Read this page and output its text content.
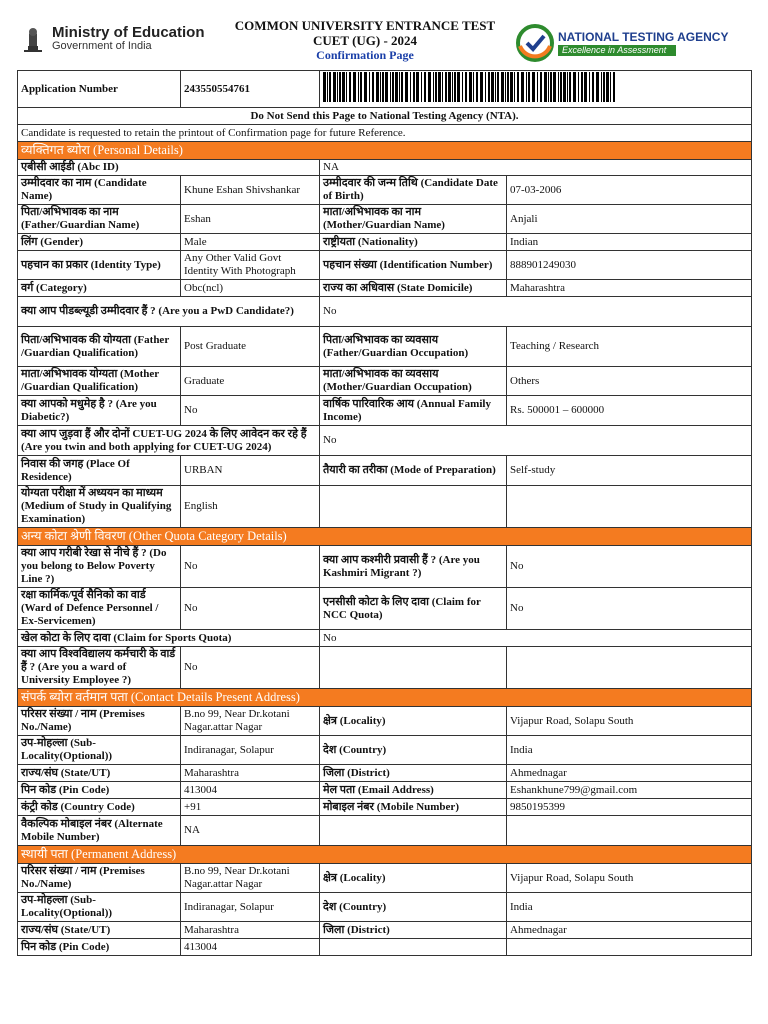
Ministry of Education
Government of India
COMMON UNIVERSITY ENTRANCE TEST
CUET (UG) - 2024
Confirmation Page
NATIONAL TESTING AGENCY
Excellence in Assessment
Application Number	243550554761	
Do Not Send this Page to National Testing Agency (NTA).			
Candidate is requested to retain the printout of Confirmation page for future Reference.			
व्यक्तिगत ब्योरा (Personal Details)			
एबीसी आईडी (Abc ID)		NA	
उम्मीदवार का नाम (Candidate Name)	Khune Eshan Shivshankar	उम्मीदवार की जन्म तिथि (Candidate Date of Birth)	07-03-2006
पिता/अभिभावक का नाम (Father/Guardian Name)	Eshan	माता/अभिभावक का नाम (Mother/Guardian Name)	Anjali
लिंग (Gender)	Male	राष्ट्रीयता (Nationality)	Indian
पहचान का प्रकार (Identity Type)	Any Other Valid Govt Identity With Photograph	पहचान संख्या (Identification Number)	888901249030
वर्ग (Category)	Obc(ncl)	राज्य का अधिवास (State Domicile)	Maharashtra
क्या आप पीडब्ल्यूडी उम्मीदवार हैं ? (Are you a PwD Candidate?)		No	
पिता/अभिभावक की योग्यता (Father /Guardian Qualification)	Post Graduate	पिता/अभिभावक का व्यवसाय (Father/Guardian Occupation)	Teaching / Research
माता/अभिभावक योग्यता (Mother /Guardian Qualification)	Graduate	माता/अभिभावक का व्यवसाय (Mother/Guardian Occupation)	Others
क्या आपको मधुमेह है ? (Are you Diabetic?)	No	वार्षिक पारिवारिक आय (Annual Family Income)	Rs. 500001 – 600000
क्या आप जुड़वा हैं और दोनों CUET-UG 2024 के लिए आवेदन कर रहे हैं (Are you twin and both applying for CUET-UG 2024)		No	
निवास की जगह (Place Of Residence)	URBAN	तैयारी का तरीका (Mode of Preparation)	Self-study
योग्यता परीक्षा में अध्ययन का माध्यम (Medium of Study in Qualifying Examination)	English		
अन्य कोटा श्रेणी विवरण (Other Quota Category Details)			
क्या आप गरीबी रेखा से नीचे हैं ? (Do you belong to Below Poverty Line ?)	No	क्या आप कश्मीरी प्रवासी हैं ? (Are you Kashmiri Migrant ?)	No
रक्षा कार्मिक/पूर्व सैनिको का वार्ड (Ward of Defence Personnel / Ex-Servicemen)	No	एनसीसी कोटा के लिए दावा (Claim for NCC Quota)	No
खेल कोटा के लिए दावा (Claim for Sports Quota)		No	
क्या आप विश्वविद्यालय कर्मचारी के वार्ड हैं ? (Are you a ward of University Employee ?)	No		
संपर्क ब्योरा वर्तमान पता (Contact Details Present Address)			
परिसर संख्या / नाम (Premises No./Name)	B.no 99, Near Dr.kotani Nagar.attar Nagar	क्षेत्र (Locality)	Vijapur Road, Solapu South
उप-मोहल्ला (Sub-Locality(Optional))	Indiranagar, Solapur	देश (Country)	India
राज्य/संघ (State/UT)	Maharashtra	जिला (District)	Ahmednagar
पिन कोड (Pin Code)	413004	मेल पता (Email Address)	Eshankhune799@gmail.com
कंट्री कोड (Country Code)	+91	मोबाइल नंबर (Mobile Number)	9850195399
वैकल्पिक मोबाइल नंबर (Alternate Mobile Number)	NA		
स्थायी पता (Permanent Address)			
परिसर संख्या / नाम (Premises No./Name)	B.no 99, Near Dr.kotani Nagar.attar Nagar	क्षेत्र (Locality)	Vijapur Road, Solapu South
उप-मोहल्ला (Sub-Locality(Optional))	Indiranagar, Solapur	देश (Country)	India
राज्य/संघ (State/UT)	Maharashtra	जिला (District)	Ahmednagar
पिन कोड (Pin Code)	413004		
